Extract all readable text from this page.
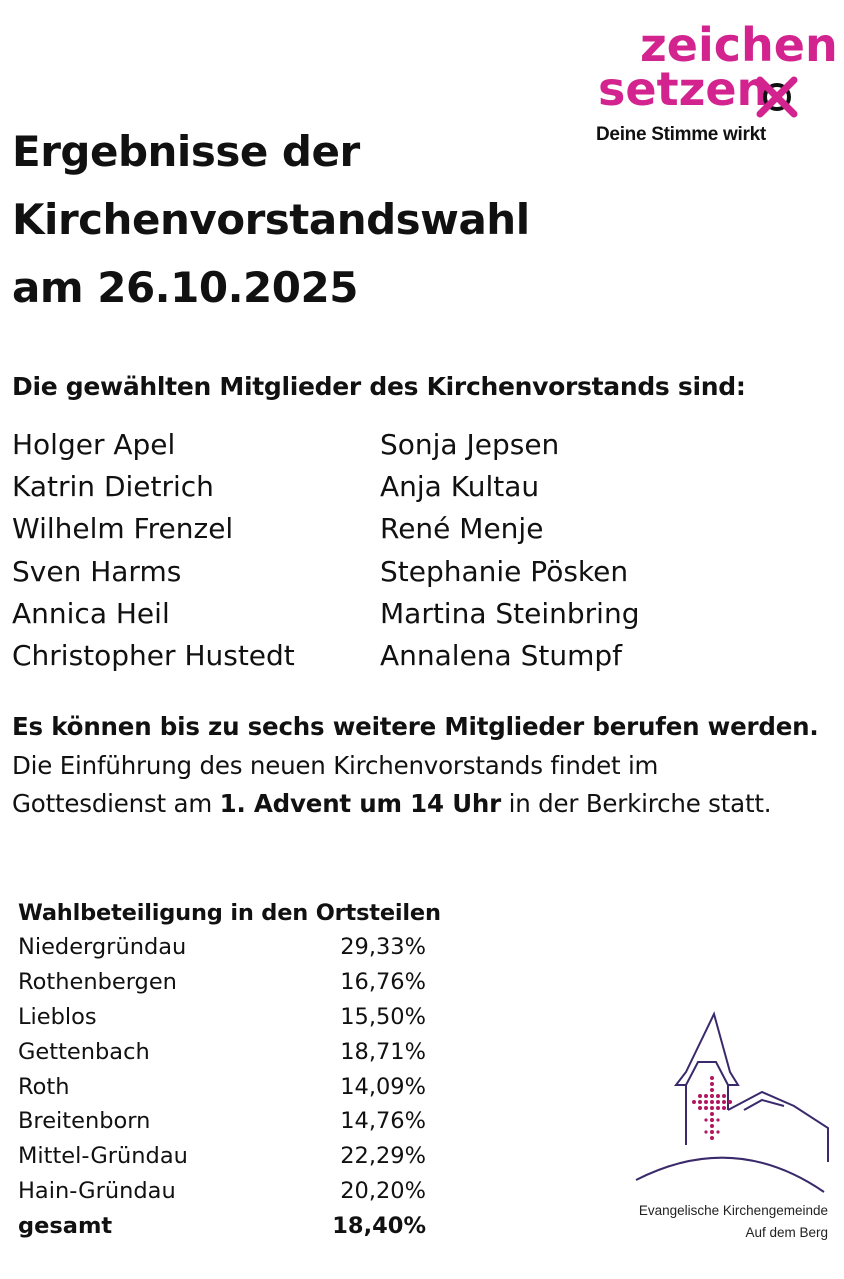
zeichen
setzen
Deine Stimme wirkt
Ergebnisse der
Kirchenvorstandswahl
am 26.10.2025
Die gewählten Mitglieder des Kirchenvorstands sind:
Holger Apel
Katrin Dietrich
Wilhelm Frenzel
Sven Harms
Annica Heil
Christopher Hustedt
Sonja Jepsen
Anja Kultau
René Menje
Stephanie Pösken
Martina Steinbring
Annalena Stumpf
Es können bis zu sechs weitere Mitglieder berufen werden.
Die Einführung des neuen Kirchenvorstands findet im
Gottesdienst am 1. Advent um 14 Uhr in der Berkirche statt.
Wahlbeteiligung in den Ortsteilen
Niedergründau	29,33%
Rothenbergen	16,76%
Lieblos	15,50%
Gettenbach	18,71%
Roth	14,09%
Breitenborn	14,76%
Mittel-Gründau	22,29%
Hain-Gründau	20,20%
gesamt	18,40%
Evangelische Kirchengemeinde
Auf dem Berg
